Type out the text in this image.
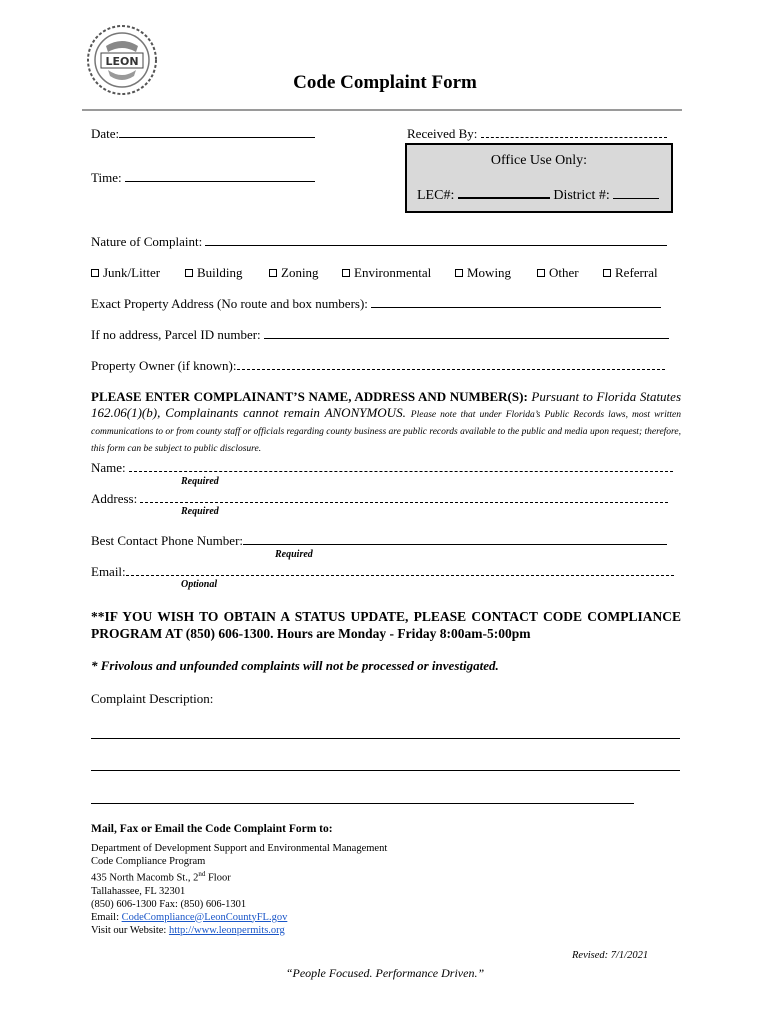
LEON
Code Complaint Form
Date:	Received By:
Time:
Office Use Only:
LEC#:	District #:
Nature of Complaint:
Junk/Litter	Building	Zoning	Environmental	Mowing	Other	Referral
Exact Property Address (No route and box numbers):
If no address, Parcel ID number:
Property Owner (if known):
PLEASE ENTER COMPLAINANT’S NAME, ADDRESS AND NUMBER(S): Pursuant to Florida Statutes 162.06(1)(b), Complainants cannot remain ANONYMOUS. Please note that under Florida’s Public Records laws, most written communications to or from county staff or officials regarding county business are public records available to the public and media upon request; therefore, this form can be subject to public disclosure.
Name:
Required
Address:
Required
Best Contact Phone Number:
Required
Email:
Optional
**IF YOU WISH TO OBTAIN A STATUS UPDATE, PLEASE CONTACT CODE COMPLIANCE PROGRAM AT (850) 606-1300. Hours are Monday - Friday 8:00am-5:00pm
* Frivolous and unfounded complaints will not be processed or investigated.
Complaint Description:
Mail, Fax or Email the Code Complaint Form to:
Department of Development Support and Environmental Management
Code Compliance Program
435 North Macomb St., 2nd Floor
Tallahassee, FL 32301
(850) 606-1300 Fax: (850) 606-1301
Email: CodeCompliance@LeonCountyFL.gov
Visit our Website: http://www.leonpermits.org
Revised: 7/1/2021
“People Focused. Performance Driven.”
